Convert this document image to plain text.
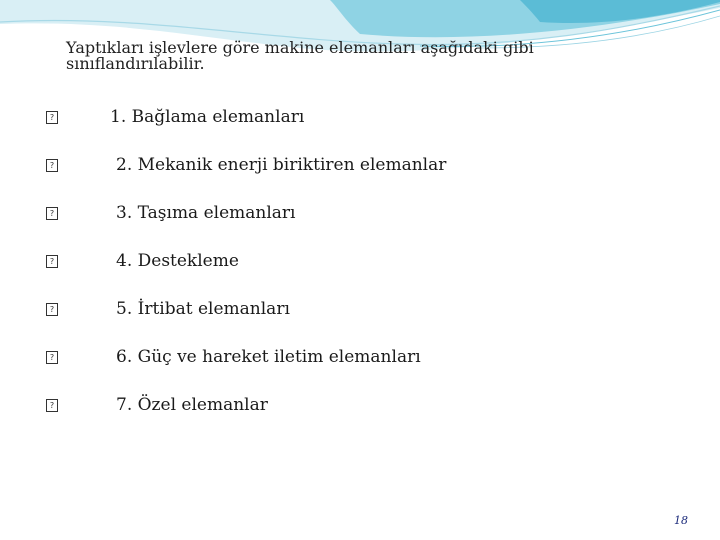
Yaptıkları işlevlere göre makine elemanları aşağıdaki gibi sınıflandırılabilir.
?	1. Bağlama elemanları
?	2. Mekanik enerji biriktiren elemanlar
?	3. Taşıma elemanları
?	4. Destekleme
?	5. İrtibat elemanları
?	6. Güç ve hareket iletim elemanları
?	7. Özel elemanlar
18
